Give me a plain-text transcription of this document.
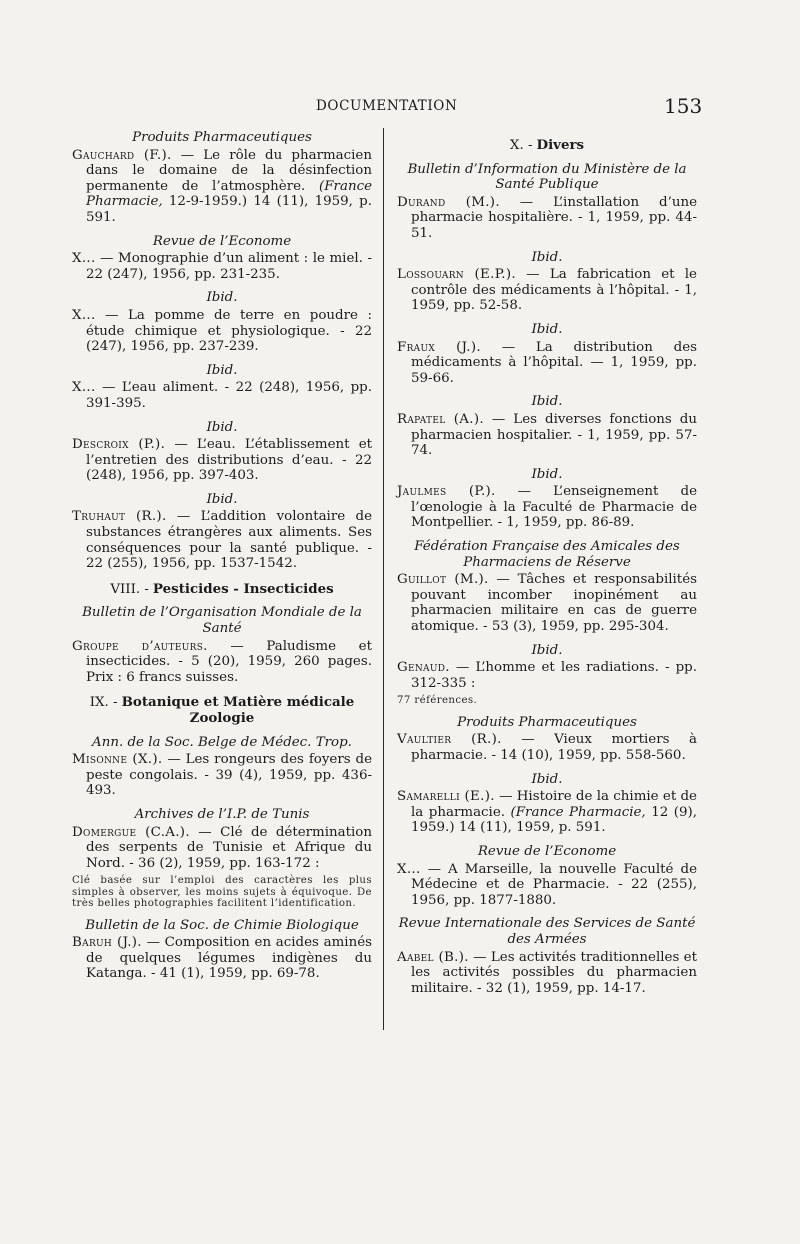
DOCUMENTATION	153
Produits Pharmaceutiques
Gauchard (F.). — Le rôle du pharmacien dans le domaine de la désinfection permanente de l’atmosphère. (France Pharmacie, 12-9-1959.) 14 (11), 1959, p. 591.
Revue de l’Econome
X... — Monographie d’un aliment : le miel. - 22 (247), 1956, pp. 231-235.
Ibid.
X... — La pomme de terre en poudre : étude chimique et physiologique. - 22 (247), 1956, pp. 237-239.
Ibid.
X... — L’eau aliment. - 22 (248), 1956, pp. 391-395.
Ibid.
Descroix (P.). — L’eau. L’établissement et l’entretien des distributions d’eau. - 22 (248), 1956, pp. 397-403.
Ibid.
Truhaut (R.). — L’addition volontaire de substances étrangères aux aliments. Ses conséquences pour la santé publique. - 22 (255), 1956, pp. 1537-1542.
VIII. - Pesticides - Insecticides
Bulletin de l’Organisation Mondiale de la Santé
Groupe d’auteurs. — Paludisme et insecticides. - 5 (20), 1959, 260 pages. Prix : 6 francs suisses.
IX. - Botanique et Matière médicale Zoologie
Ann. de la Soc. Belge de Médec. Trop.
Misonne (X.). — Les rongeurs des foyers de peste congolais. - 39 (4), 1959, pp. 436-493.
Archives de l’I.P. de Tunis
Domergue (C.A.). — Clé de détermination des serpents de Tunisie et Afrique du Nord. - 36 (2), 1959, pp. 163-172 :
Clé basée sur l’emploi des caractères les plus simples à observer, les moins sujets à équivoque. De très belles photographies facilitent l’identification.
Bulletin de la Soc. de Chimie Biologique
Baruh (J.). — Composition en acides aminés de quelques légumes indigènes du Katanga. - 41 (1), 1959, pp. 69-78.
X. - Divers
Bulletin d’Information du Ministère de la Santé Publique
Durand (M.). — L’installation d’une pharmacie hospitalière. - 1, 1959, pp. 44-51.
Ibid.
Lossouarn (E.P.). — La fabrication et le contrôle des médicaments à l’hôpital. - 1, 1959, pp. 52-58.
Ibid.
Fraux (J.). — La distribution des médicaments à l’hôpital. — 1, 1959, pp. 59-66.
Ibid.
Rapatel (A.). — Les diverses fonctions du pharmacien hospitalier. - 1, 1959, pp. 57-74.
Ibid.
Jaulmes (P.). — L’enseignement de l’œnologie à la Faculté de Pharmacie de Montpellier. - 1, 1959, pp. 86-89.
Fédération Française des Amicales des Pharmaciens de Réserve
Guillot (M.). — Tâches et responsabilités pouvant incomber inopinément au pharmacien militaire en cas de guerre atomique. - 53 (3), 1959, pp. 295-304.
Ibid.
Genaud. — L’homme et les radiations. - pp. 312-335 :
77 références.
Produits Pharmaceutiques
Vaultier (R.). — Vieux mortiers à pharmacie. - 14 (10), 1959, pp. 558-560.
Ibid.
Samarelli (E.). — Histoire de la chimie et de la pharmacie. (France Pharmacie, 12 (9), 1959.) 14 (11), 1959, p. 591.
Revue de l’Econome
X... — A Marseille, la nouvelle Faculté de Médecine et de Pharmacie. - 22 (255), 1956, pp. 1877-1880.
Revue Internationale des Services de Santé des Armées
Aabel (B.). — Les activités traditionnelles et les activités possibles du pharmacien militaire. - 32 (1), 1959, pp. 14-17.
